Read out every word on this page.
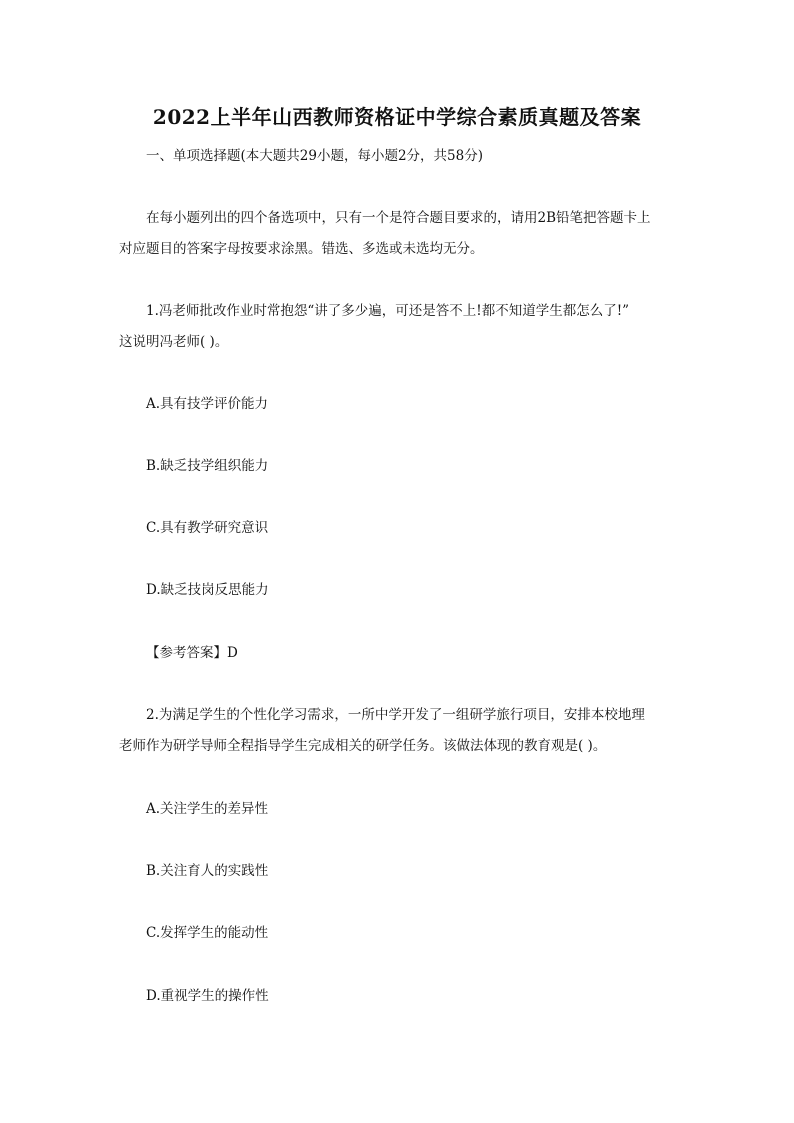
2022上半年山西教师资格证中学综合素质真题及答案
一、单项选择题(本大题共29小题，每小题2分，共58分)
在每小题列出的四个备选项中，只有一个是符合题目要求的，请用2B铅笔把答题卡上
对应题目的答案字母按要求涂黑。错选、多选或未选均无分。
1.冯老师批改作业时常抱怨“讲了多少遍，可还是答不上!都不知道学生都怎么了!”
这说明冯老师( )。
A.具有技学评价能力
B.缺乏技学组织能力
C.具有教学研究意识
D.缺乏技岗反思能力
【参考答案】D
2.为满足学生的个性化学习需求，一所中学开发了一组研学旅行项目，安排本校地理
老师作为研学导师全程指导学生完成相关的研学任务。该做法体现的教育观是( )。
A.关注学生的差异性
B.关注育人的实践性
C.发挥学生的能动性
D.重视学生的操作性
